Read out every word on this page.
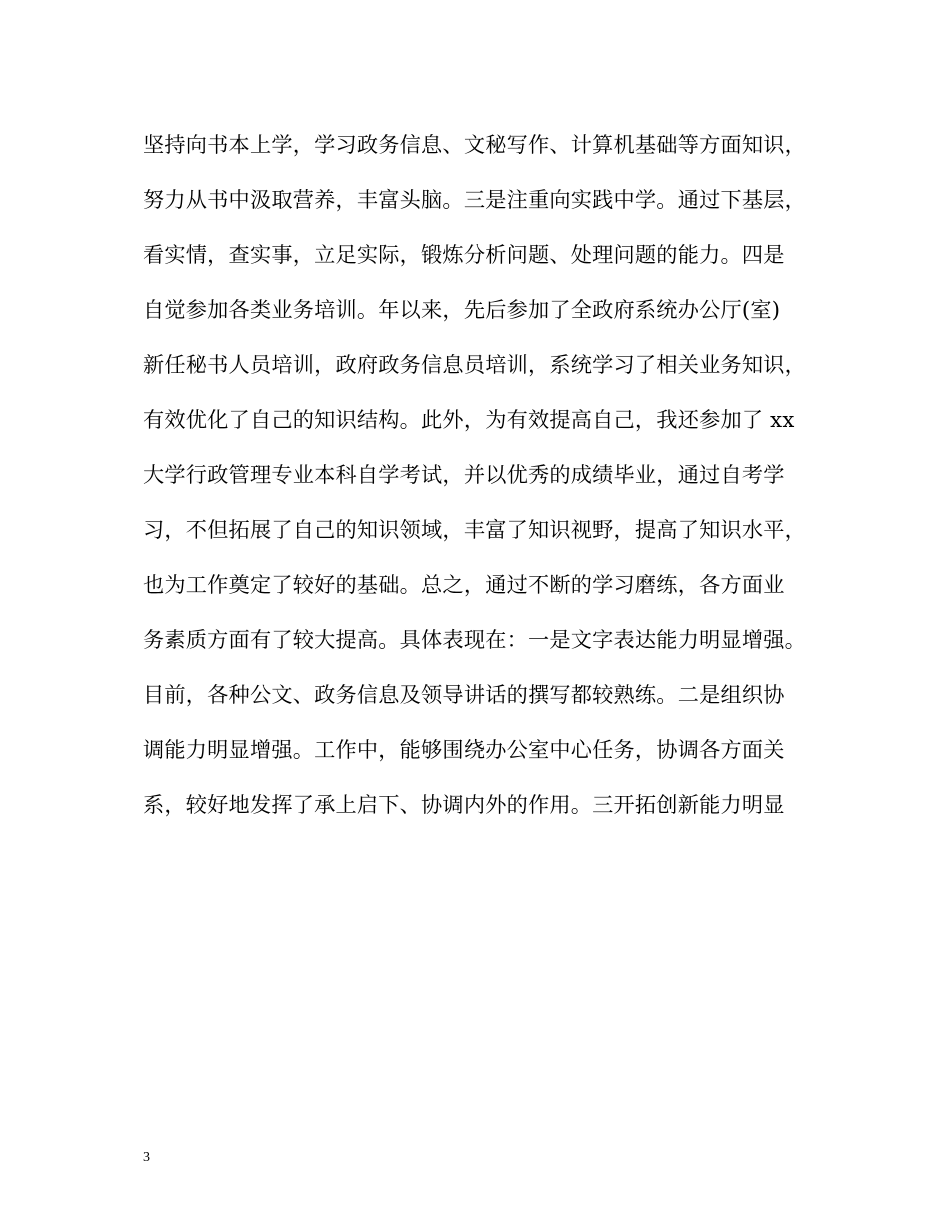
坚持向书本上学，学习政务信息、文秘写作、计算机基础等方面知识，
努力从书中汲取营养，丰富头脑。三是注重向实践中学。通过下基层，
看实情，查实事，立足实际，锻炼分析问题、处理问题的能力。四是
自觉参加各类业务培训。年以来，先后参加了全政府系统办公厅(室)
新任秘书人员培训，政府政务信息员培训，系统学习了相关业务知识，
有效优化了自己的知识结构。此外，为有效提高自己，我还参加了 xx
大学行政管理专业本科自学考试，并以优秀的成绩毕业，通过自考学
习，不但拓展了自己的知识领域，丰富了知识视野，提高了知识水平，
也为工作奠定了较好的基础。总之，通过不断的学习磨练，各方面业
务素质方面有了较大提高。具体表现在：一是文字表达能力明显增强。
目前，各种公文、政务信息及领导讲话的撰写都较熟练。二是组织协
调能力明显增强。工作中，能够围绕办公室中心任务，协调各方面关
系，较好地发挥了承上启下、协调内外的作用。三开拓创新能力明显
3
